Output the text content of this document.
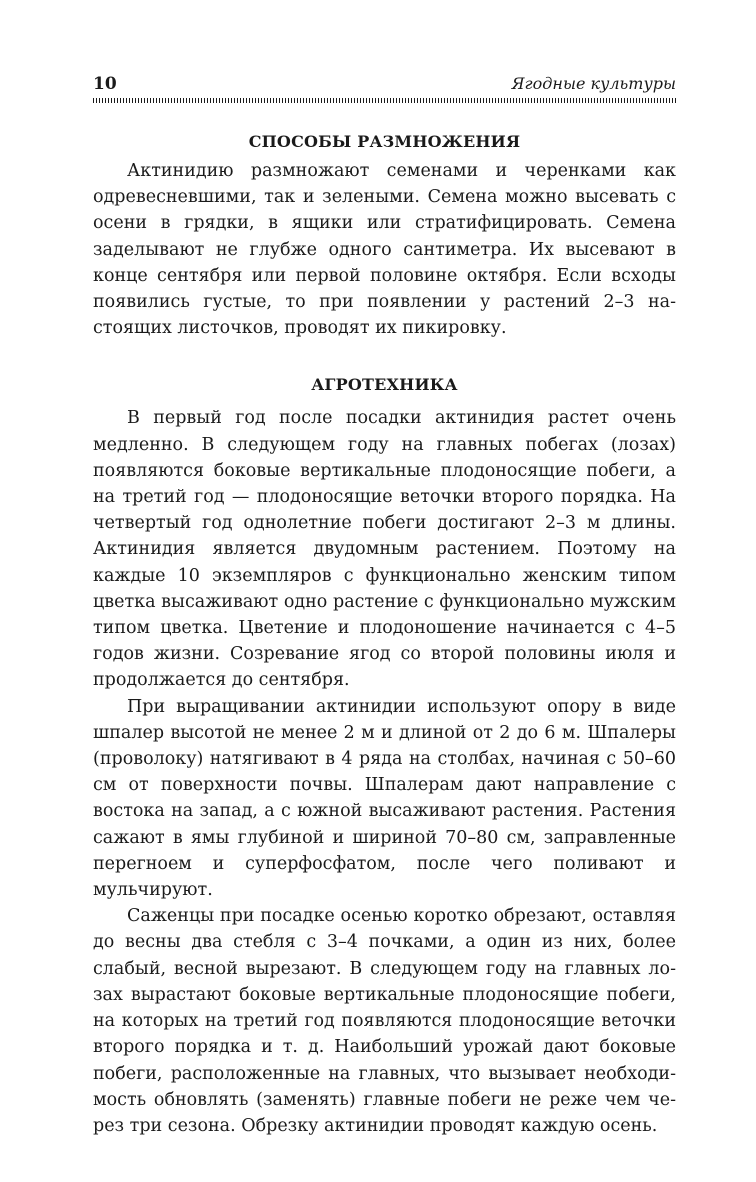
10	Ягодные культуры
СПОСОБЫ РАЗМНОЖЕНИЯ

Актинидию размножают семенами и черенками как одревесневшими, так и зелеными. Семена можно высевать с осени в грядки, в ящики или стратифицировать. Семена заделывают не глубже одного сантиметра. Их высевают в конце сентября или первой половине октября. Если всходы появились густые, то при появлении у растений 2–3 настоящих листочков, проводят их пикировку.

АГРОТЕХНИКА

В первый год после посадки актинидия растет очень медленно. В следующем году на главных побегах (лозах) появляются боковые вертикальные плодоносящие побеги, а на третий год — плодоносящие веточки второго порядка. На четвертый год однолетние побеги достигают 2–3 м длины. Актинидия является двудомным растением. Поэтому на каждые 10 экземпляров с функционально женским типом цветка высаживают одно растение с функционально мужским типом цветка. Цветение и плодоношение начинается с 4–5 годов жизни. Созревание ягод со второй половины июля и продолжается до сентября.

При выращивании актинидии используют опору в виде шпалер высотой не менее 2 м и длиной от 2 до 6 м. Шпалеры (проволоку) натягивают в 4 ряда на столбах, начиная с 50–60 см от поверхности почвы. Шпалерам дают направление с востока на запад, а с южной высаживают растения. Растения сажают в ямы глубиной и шириной 70–80 см, заправленные перегноем и суперфосфатом, после чего поливают и мульчируют.

Саженцы при посадке осенью коротко обрезают, оставляя до весны два стебля с 3–4 почками, а один из них, более слабый, весной вырезают. В следующем году на главных лозах вырастают боковые вертикальные плодоносящие побеги, на которых на третий год появляются плодоносящие веточки второго порядка и т. д. Наибольший урожай дают боковые побеги, расположенные на главных, что вызывает необходимость обновлять (заменять) главные побеги не реже чем через три сезона. Обрезку актинидии проводят каждую осень.
